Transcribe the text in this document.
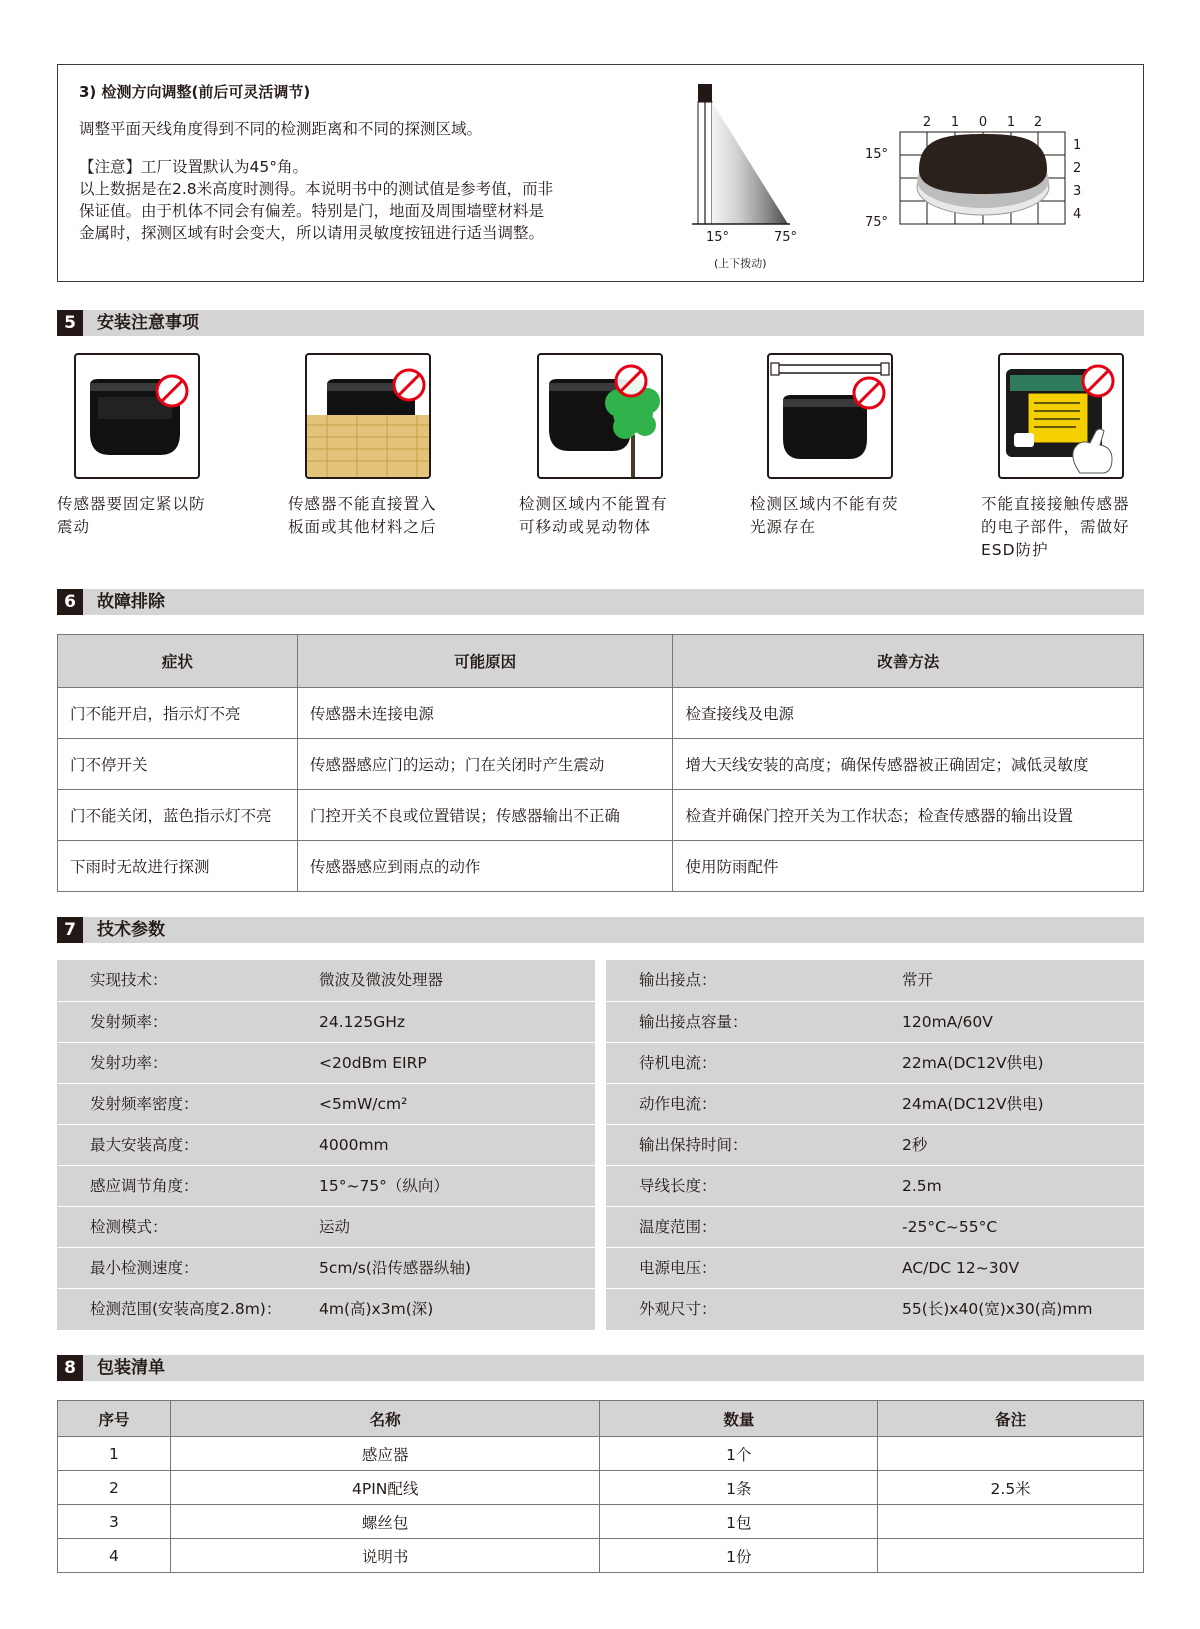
3) 检测方向调整(前后可灵活调节)
调整平面天线角度得到不同的检测距离和不同的探测区域。
【注意】工厂设置默认为45°角。
以上数据是在2.8米高度时测得。本说明书中的测试值是参考值，而非
保证值。由于机体不同会有偏差。特别是门，地面及周围墙壁材料是
金属时，探测区域有时会变大，所以请用灵敏度按钮进行适当调整。	15°	75°
(上下拨动)
15°
75°
2 1 0 1 2
1
2
3
4
5	安装注意事项
传感器要固定紧以防
震动
传感器不能直接置入
板面或其他材料之后
检测区域内不能置有
可移动或晃动物体
检测区域内不能有荧
光源存在
不能直接接触传感器
的电子部件，需做好
ESD防护
6	故障排除
症状	可能原因	改善方法
门不能开启，指示灯不亮	传感器未连接电源	检查接线及电源
门不停开关	传感器感应门的运动；门在关闭时产生震动	增大天线安装的高度；确保传感器被正确固定；减低灵敏度
门不能关闭，蓝色指示灯不亮	门控开关不良或位置错误；传感器输出不正确	检查并确保门控开关为工作状态；检查传感器的输出设置
下雨时无故进行探测	传感器感应到雨点的动作	使用防雨配件
7	技术参数
实现技术：	微波及微波处理器
发射频率：	24.125GHz
发射功率：	<20dBm EIRP
发射频率密度：	<5mW/cm²
最大安装高度：	4000mm
感应调节角度：	15°~75°（纵向）
检测模式：	运动
最小检测速度：	5cm/s(沿传感器纵轴)
检测范围(安装高度2.8m)： 4m(高)x3m(深)
输出接点：	常开
输出接点容量：	120mA/60V
待机电流：	22mA(DC12V供电)
动作电流：	24mA(DC12V供电)
输出保持时间：	2秒
导线长度：	2.5m
温度范围：	-25°C~55°C
电源电压：	AC/DC 12~30V
外观尺寸：	55(长)x40(宽)x30(高)mm
8	包装清单
序号	名称	数量	备注
1	感应器	1个	
2	4PIN配线	1条	2.5米
3	螺丝包	1包	
4	说明书	1份	
